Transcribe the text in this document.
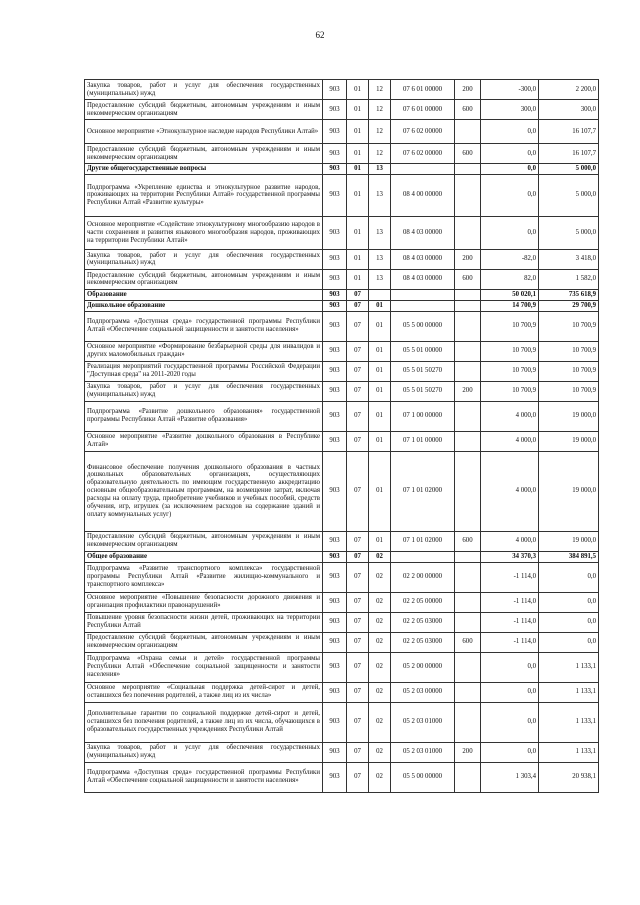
62
Закупка товаров, работ и услуг для обеспечения государственных (муниципальных) нужд	903	01	12	07 6 01 00000	200	-300,0	2 200,0
Предоставление субсидий бюджетным, автономным учреждениям и иным некоммерческим организациям	903	01	12	07 6 01 00000	600	300,0	300,0
Основное мероприятие «Этнокультурное наследие народов Республики Алтай»	903	01	12	07 6 02 00000		0,0	16 107,7
Предоставление субсидий бюджетным, автономным учреждениям и иным некоммерческим организациям	903	01	12	07 6 02 00000	600	0,0	16 107,7
Другие общегосударственные вопросы	903	01	13			0,0	5 000,0
Подпрограмма «Укрепление единства и этнокультурное развитие народов, проживающих на территории Республики Алтай» государственной программы Республики Алтай «Развитие культуры»	903	01	13	08 4 00 00000		0,0	5 000,0
Основное мероприятие «Содействие этнокультурному многообразию народов в части сохранения и развития языкового многообразия народов, проживающих на территории Республики Алтай»	903	01	13	08 4 03 00000		0,0	5 000,0
Закупка товаров, работ и услуг для обеспечения государственных (муниципальных) нужд	903	01	13	08 4 03 00000	200	-82,0	3 418,0
Предоставление субсидий бюджетным, автономным учреждениям и иным некоммерческим организациям	903	01	13	08 4 03 00000	600	82,0	1 582,0
Образование	903	07				50 020,1	735 618,9
Дошкольное образование	903	07	01			14 700,9	29 700,9
Подпрограмма «Доступная среда» государственной программы Республики Алтай «Обеспечение социальной защищенности и занятости населения»	903	07	01	05 5 00 00000		10 700,9	10 700,9
Основное мероприятие «Формирование безбарьерной среды для инвалидов и других маломобильных граждан»	903	07	01	05 5 01 00000		10 700,9	10 700,9
Реализация мероприятий государственной программы Российской Федерации "Доступная среда" на 2011-2020 годы	903	07	01	05 5 01 50270		10 700,9	10 700,9
Закупка товаров, работ и услуг для обеспечения государственных (муниципальных) нужд	903	07	01	05 5 01 50270	200	10 700,9	10 700,9
Подпрограмма «Развитие дошкольного образования» государственной программы Республики Алтай «Развитие образования»	903	07	01	07 1 00 00000		4 000,0	19 000,0
Основное мероприятие «Развитие дошкольного образования в Республике Алтай»	903	07	01	07 1 01 00000		4 000,0	19 000,0
Финансовое обеспечение получения дошкольного образования в частных дошкольных образовательных организациях, осуществляющих образовательную деятельность по имеющим государственную аккредитацию основным общеобразовательным программам, на возмещение затрат, включая расходы на оплату труда, приобретение учебников и учебных пособий, средств обучения, игр, игрушек (за исключением расходов на содержание зданий и оплату коммунальных услуг)	903	07	01	07 1 01 02000		4 000,0	19 000,0
Предоставление субсидий бюджетным, автономным учреждениям и иным некоммерческим организациям	903	07	01	07 1 01 02000	600	4 000,0	19 000,0
Общее образование	903	07	02			34 370,3	384 891,5
Подпрограмма «Развитие транспортного комплекса» государственной программы Республики Алтай «Развитие жилищно-коммунального и транспортного комплекса»	903	07	02	02 2 00 00000		-1 114,0	0,0
Основное мероприятие «Повышение безопасности дорожного движения и организация профилактики правонарушений»	903	07	02	02 2 05 00000		-1 114,0	0,0
Повышение уровня безопасности жизни детей, проживающих на территории Республики Алтай	903	07	02	02 2 05 03000		-1 114,0	0,0
Предоставление субсидий бюджетным, автономным учреждениям и иным некоммерческим организациям	903	07	02	02 2 05 03000	600	-1 114,0	0,0
Подпрограмма «Охрана семьи и детей» государственной программы Республики Алтай «Обеспечение социальной защищенности и занятости населения»	903	07	02	05 2 00 00000		0,0	1 133,1
Основное мероприятие «Социальная поддержка детей-сирот и детей, оставшихся без попечения родителей, а также лиц из их числа»	903	07	02	05 2 03 00000		0,0	1 133,1
Дополнительные гарантии по социальной поддержке детей-сирот и детей, оставшихся без попечения родителей, а также лиц из их числа, обучающихся в образовательных государственных учреждениях Республики Алтай	903	07	02	05 2 03 01000		0,0	1 133,1
Закупка товаров, работ и услуг для обеспечения государственных (муниципальных) нужд	903	07	02	05 2 03 01000	200	0,0	1 133,1
Подпрограмма «Доступная среда» государственной программы Республики Алтай «Обеспечение социальной защищенности и занятости населения»	903	07	02	05 5 00 00000		1 303,4	20 938,1
